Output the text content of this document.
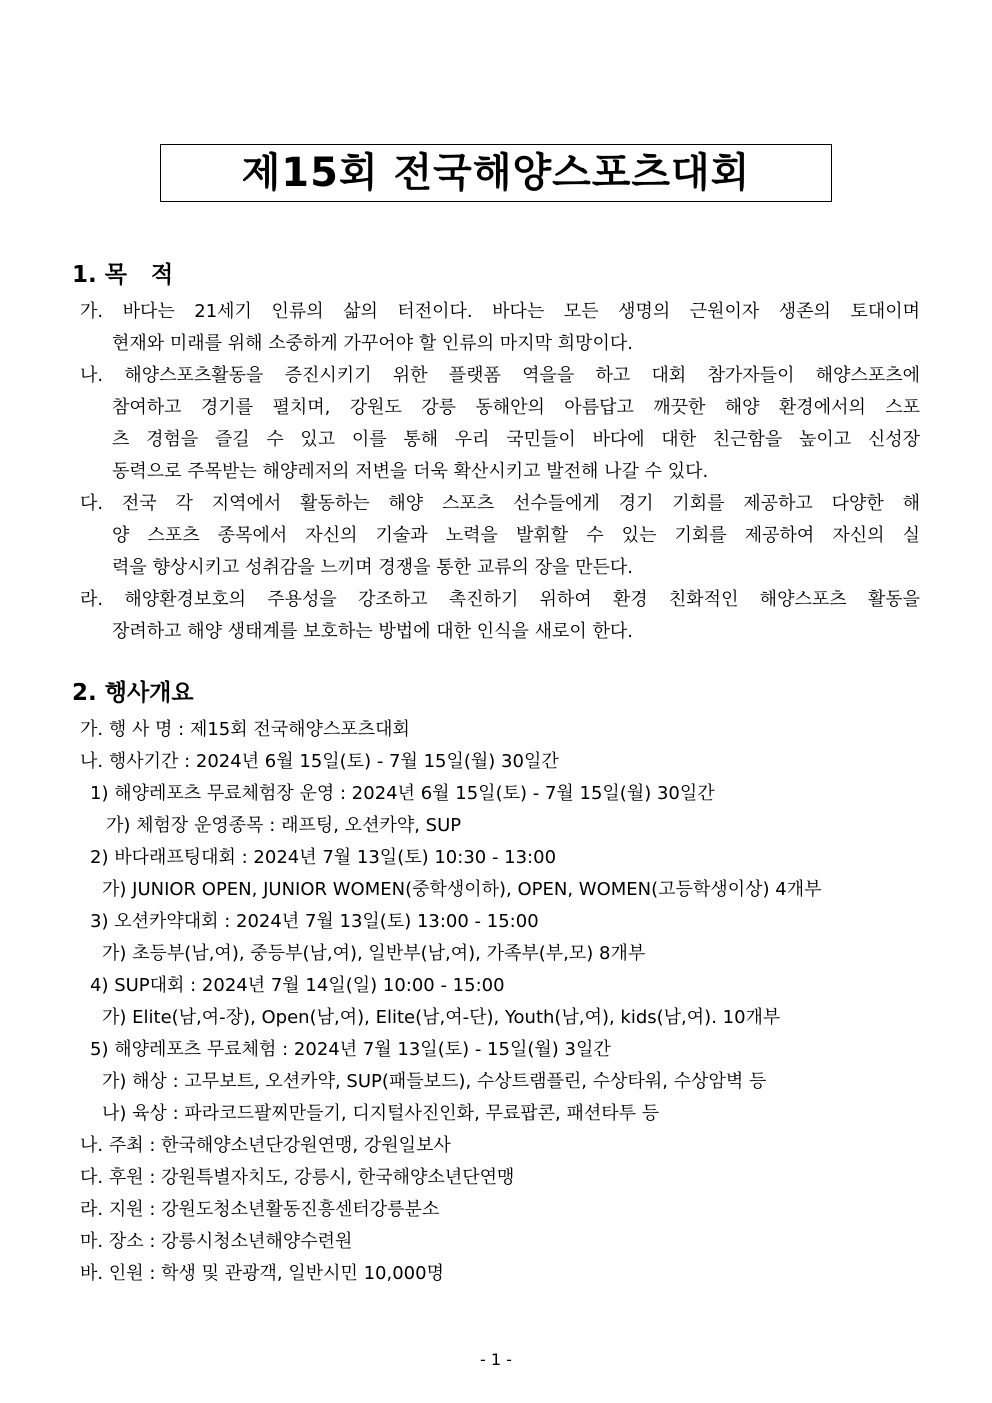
제15회 전국해양스포츠대회
1. 목   적
가. 바다는 21세기 인류의 삶의 터전이다. 바다는 모든 생명의 근원이자 생존의 토대이며
현재와 미래를 위해 소중하게 가꾸어야 할 인류의 마지막 희망이다.
나. 해양스포츠활동을 증진시키기 위한 플랫폼 역을을 하고 대회 참가자들이 해양스포츠에
참여하고 경기를 펼치며, 강원도 강릉 동해안의 아름답고 깨끗한 해양 환경에서의 스포
츠 경험을 즐길 수 있고 이를 통해 우리 국민들이 바다에 대한 친근함을 높이고 신성장
동력으로 주목받는 해양레저의 저변을 더욱 확산시키고 발전해 나갈 수 있다.
다. 전국 각 지역에서 활동하는 해양 스포츠 선수들에게 경기 기회를 제공하고 다양한 해
양 스포츠 종목에서 자신의 기술과 노력을 발휘할 수 있는 기회를 제공하여 자신의 실
력을 향상시키고 성취감을 느끼며 경쟁을 통한 교류의 장을 만든다.
라. 해양환경보호의 주용성을 강조하고 촉진하기 위하여 환경 친화적인 해양스포츠 활동을
장려하고 해양 생태계를 보호하는 방법에 대한 인식을 새로이 한다.
2. 행사개요
가. 행 사 명 : 제15회 전국해양스포츠대회
나. 행사기간 : 2024년 6월 15일(토) - 7월 15일(월) 30일간
1) 해양레포츠 무료체험장 운영 : 2024년 6월 15일(토) - 7월 15일(월) 30일간
가) 체험장 운영종목 : 래프팅, 오션카약, SUP
2) 바다래프팅대회 : 2024년 7월 13일(토) 10:30 - 13:00
가) JUNIOR OPEN, JUNIOR WOMEN(중학생이하), OPEN, WOMEN(고등학생이상) 4개부
3) 오션카약대회 : 2024년 7월 13일(토) 13:00 - 15:00
가) 초등부(남,여), 중등부(남,여), 일반부(남,여), 가족부(부,모) 8개부
4) SUP대회 : 2024년 7월 14일(일) 10:00 - 15:00
가) Elite(남,여-장), Open(남,여), Elite(남,여-단), Youth(남,여), kids(남,여). 10개부
5) 해양레포츠 무료체험 : 2024년 7월 13일(토) - 15일(월) 3일간
가) 해상 : 고무보트, 오션카약, SUP(패들보드), 수상트램플린, 수상타워, 수상암벽 등
나) 육상 : 파라코드팔찌만들기, 디지털사진인화, 무료팝콘, 패션타투 등
나. 주최 : 한국해양소년단강원연맹, 강원일보사
다. 후원 : 강원특별자치도, 강릉시, 한국해양소년단연맹
라. 지원 : 강원도청소년활동진흥센터강릉분소
마. 장소 : 강릉시청소년해양수련원
바. 인원 : 학생 및 관광객, 일반시민 10,000명
- 1 -
